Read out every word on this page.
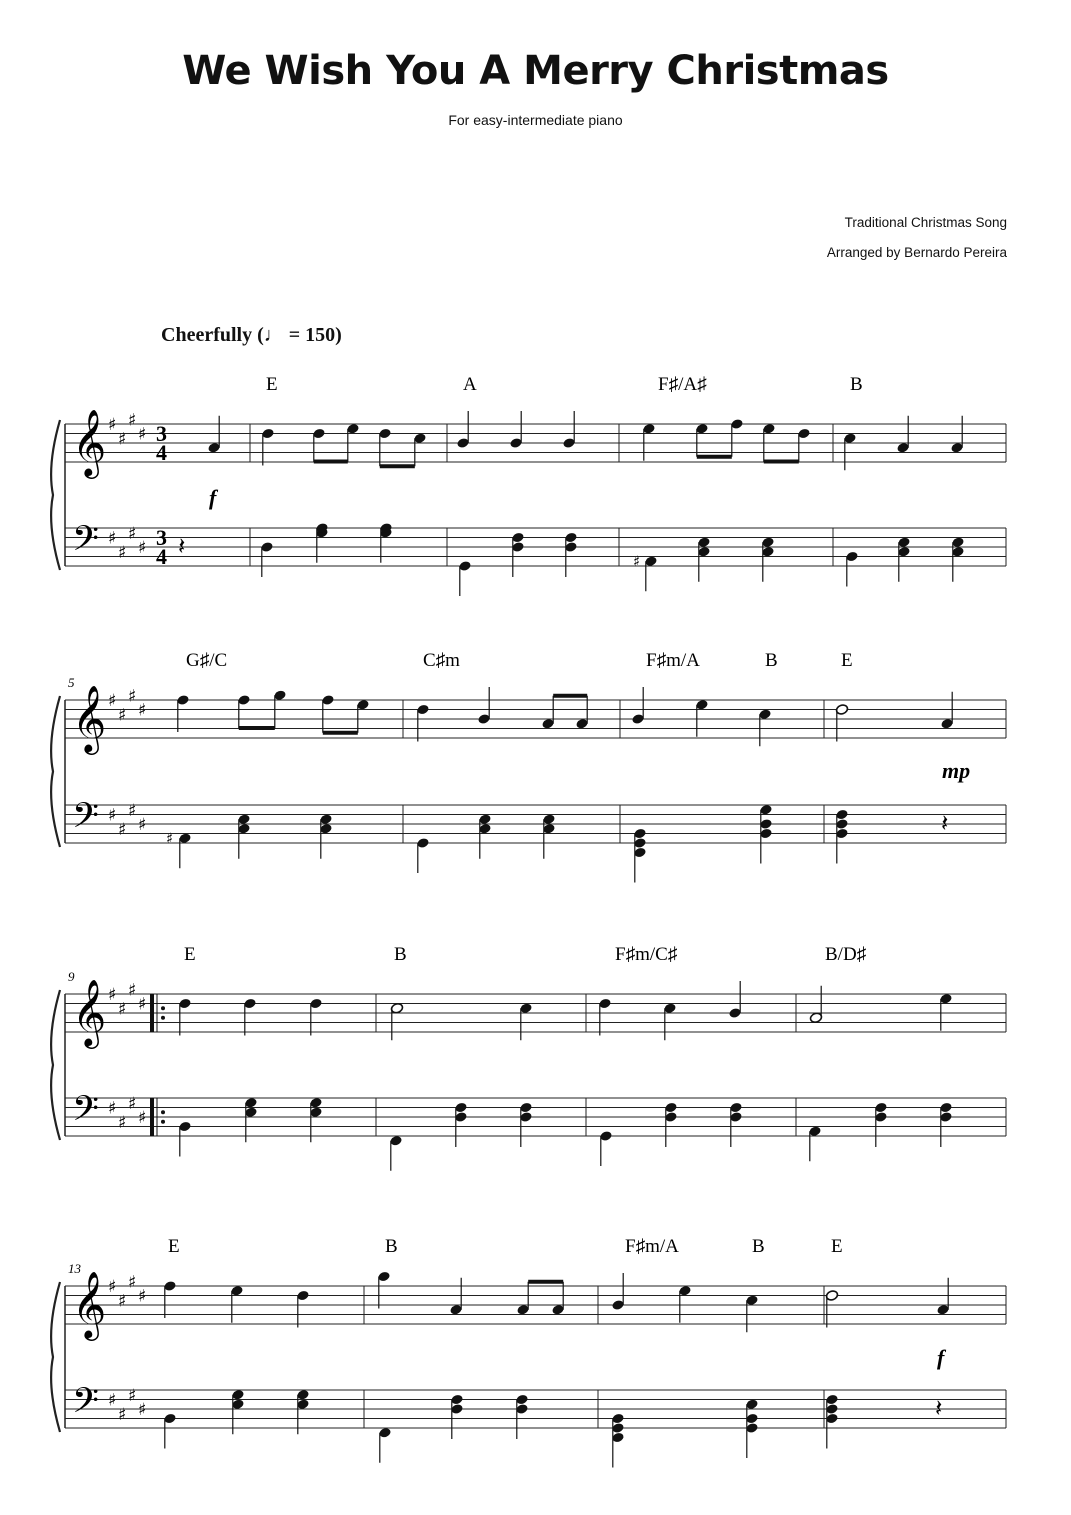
We Wish You A Merry Christmas
For easy-intermediate piano
Traditional Christmas Song
Arranged by Bernardo Pereira
Cheerfully (♩ = 150)
𝄞
𝄢
♯
♯
♯
♯
♯
♯
♯
♯
3
4
3
4
𝄞
𝄢
♯
♯
♯
♯
♯
♯
♯
♯
𝄞
𝄢
♯
♯
♯
♯
♯
♯
♯
♯
𝄞
𝄢
♯
♯
♯
♯
♯
♯
♯
♯
𝄽
♯
𝄽
♯
𝄽
E	A	F♯/A♯	B
f
5
G♯/C	C♯m	F♯m/A	B	E
mp
9
E	B	F♯m/C♯	B/D♯
13
E	B	F♯m/A	B	E
f
